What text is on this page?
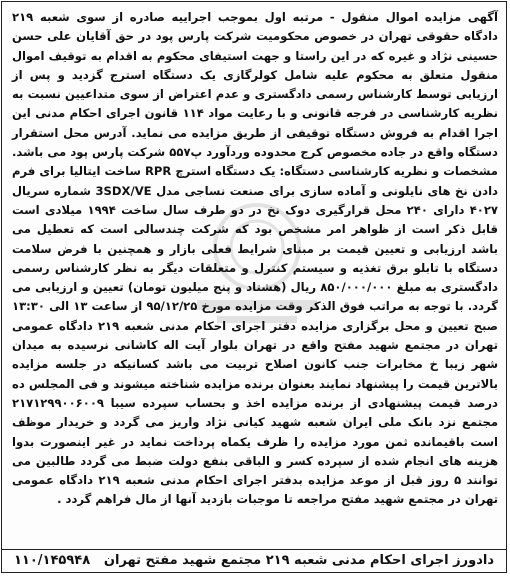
آگهی مزایده اموال منقول - مرتبه اول بموجب اجراییه صادره از سوی شعبه ۲۱۹ دادگاه حقوقی تهران در خصوص محکومیت شرکت پارس پود در حق آقایان علی حسن حسینی نژاد و غیره که در این راستا و جهت استیفای محکوم به اقدام به توقیف اموال منقول متعلق به محکوم علیه شامل کولرگازی یک دستگاه استرج گزدید و پس از ارزیابی توسط کارشناس رسمی دادگستری و عدم اعتراض از سوی متداعیین نسبت به نظریه کارشناسی در فرجه قانونی و با رعایت مواد ۱۱۴ قانون اجرای احکام مدنی این اجرا اقدام به فروش دستگاه توقیفی از طریق مزایده می نماید. آدرس محل استقرار دستگاه واقع در جاده مخصوص کرج محدوده وردآورد پ۵۵۷ شرکت پارس پود می باشد. مشخصات و نظریه کارشناسی دستگاه: یک دستگاه استرچ RPR ساخت ایتالیا برای فرم دادن نخ های نایلونی و آماده سازی برای صنعت نساجی مدل 3SDX/VE شماره سریال ۴۰۲۷ دارای ۲۴۰ محل قرارگیری دوک نخ در دو طرف سال ساخت ۱۹۹۴ میلادی است قابل ذکر است از ظواهر امر مشخص بود که شرکت چندسالی است که تعطیل می باشد ارزیابی و تعیین قیمت بر مبنای شرایط فعلی بازار و همچنین با فرض سلامت دستگاه با تابلو برق تغذیه و سیستم کنترل و متعلقات دیگر به نظر کارشناس رسمی دادگستری به مبلغ ۸۵۰/۰۰۰/۰۰۰ ریال (هشتاد و پنج میلیون تومان) تعیین و ارزیابی می گردد. با توجه به مراتب فوق الذکر وقت مزایده مورخ ۹۵/۱۲/۲۵ از ساعت ۱۳ الی ۱۳:۳۰ صبح تعیین و محل برگزاری مزایده دفتر اجرای احکام مدنی شعبه ۲۱۹ دادگاه عمومی تهران در مجتمع شهید مفتح واقع در تهران بلوار آیت اله کاشانی نرسیده به میدان شهر زیبا خ مخابرات جنب کانون اصلاح تربیت می باشد کسانیکه در جلسه مزایده بالاترین قیمت را پیشنهاد نمایند بعنوان برنده مزایده شناخته میشوند و فی المجلس ده درصد قیمت پیشنهادی از برنده مزایده اخذ و بحساب سپرده سیبا ۲۱۷۱۲۹۹۰۰۶۰۰۹ مجتمع نزد بانک ملی ایران شعبه شهید کیانی نژاد واریز می گردد و خریدار موظف است باقیمانده ثمن مورد مزایده را ظرف یکماه پرداخت نماید در غیر اینصورت بدوا هزینه های انجام شده از سپرده کسر و الباقی بنفع دولت ضبط می گردد طالبین می توانند ۵ روز قبل از موعد مزایده بدفتر اجرای احکام مدنی شعبه ۲۱۹ دادگاه عمومی تهران در مجتمع شهید مفتح مراجعه تا موجبات بازدید آنها از مال فراهم گردد .
دادورز اجرای احکام مدنی شعبه ۲۱۹ مجتمع شهید مفتح تهران
۱۱۰/۱۴۵۹۴۸
